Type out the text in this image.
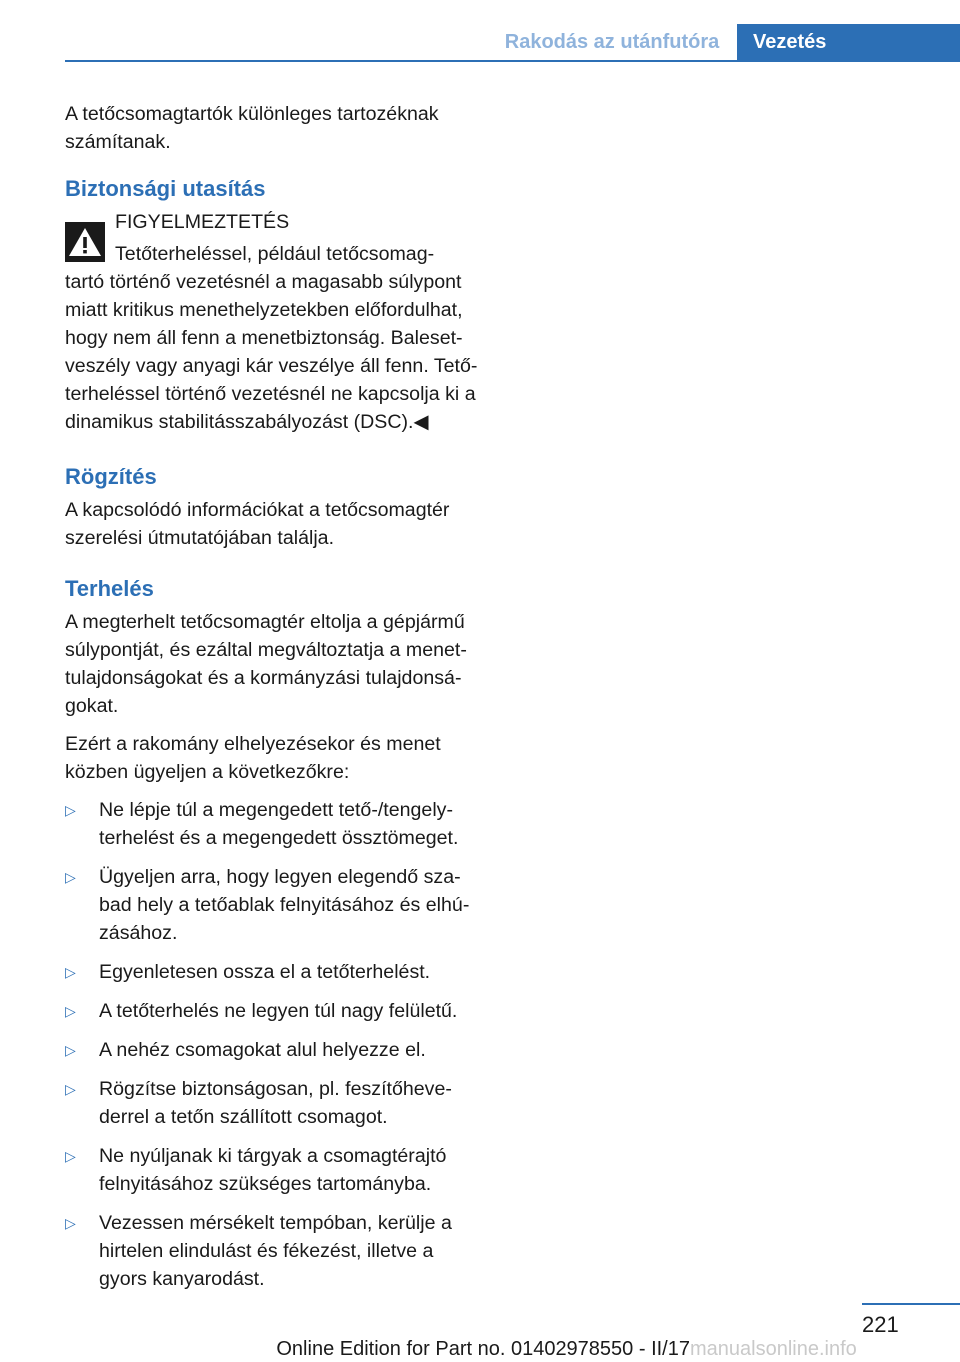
Rakodás az utánfutóra	Vezetés

A tetőcsomagtartók különleges tartozéknak számítanak.

Biztonsági utasítás
FIGYELMEZTETÉS
Tetőterheléssel, például tetőcsomag-

tartó történő vezetésnél a magasabb súlypont miatt kritikus menethelyzetekben előfordulhat, hogy nem áll fenn a menetbiztonság. Balesetveszély vagy anyagi kár veszélye áll fenn. Tetőterheléssel történő vezetésnél ne kapcsolja ki a dinamikus stabilitásszabályozást (DSC).◀

Rögzítés

A kapcsolódó információkat a tetőcsomagtér szerelési útmutatójában találja.

Terhelés

A megterhelt tetőcsomagtér eltolja a gépjármű súlypontját, és ezáltal megváltoztatja a menettulajdonságokat és a kormányzási tulajdonságokat.

Ezért a rakomány elhelyezésekor és menet közben ügyeljen a következőkre:

▷ Ne lépje túl a megengedett tető-/tengelyterhelést és a megengedett össztömeget.
▷ Ügyeljen arra, hogy legyen elegendő szabad hely a tetőablak felnyitásához és elhúzásához.
▷ Egyenletesen ossza el a tetőterhelést.
▷ A tetőterhelés ne legyen túl nagy felületű.
▷ A nehéz csomagokat alul helyezze el.
▷ Rögzítse biztonságosan, pl. feszítőhevederrel a tetőn szállított csomagot.
▷ Ne nyúljanak ki tárgyak a csomagtérajtó felnyitásához szükséges tartományba.
▷ Vezessen mérsékelt tempóban, kerülje a hirtelen elindulást és fékezést, illetve a gyors kanyarodást.
221
Online Edition for Part no. 01402978550 - II/17 manualsonline.info
